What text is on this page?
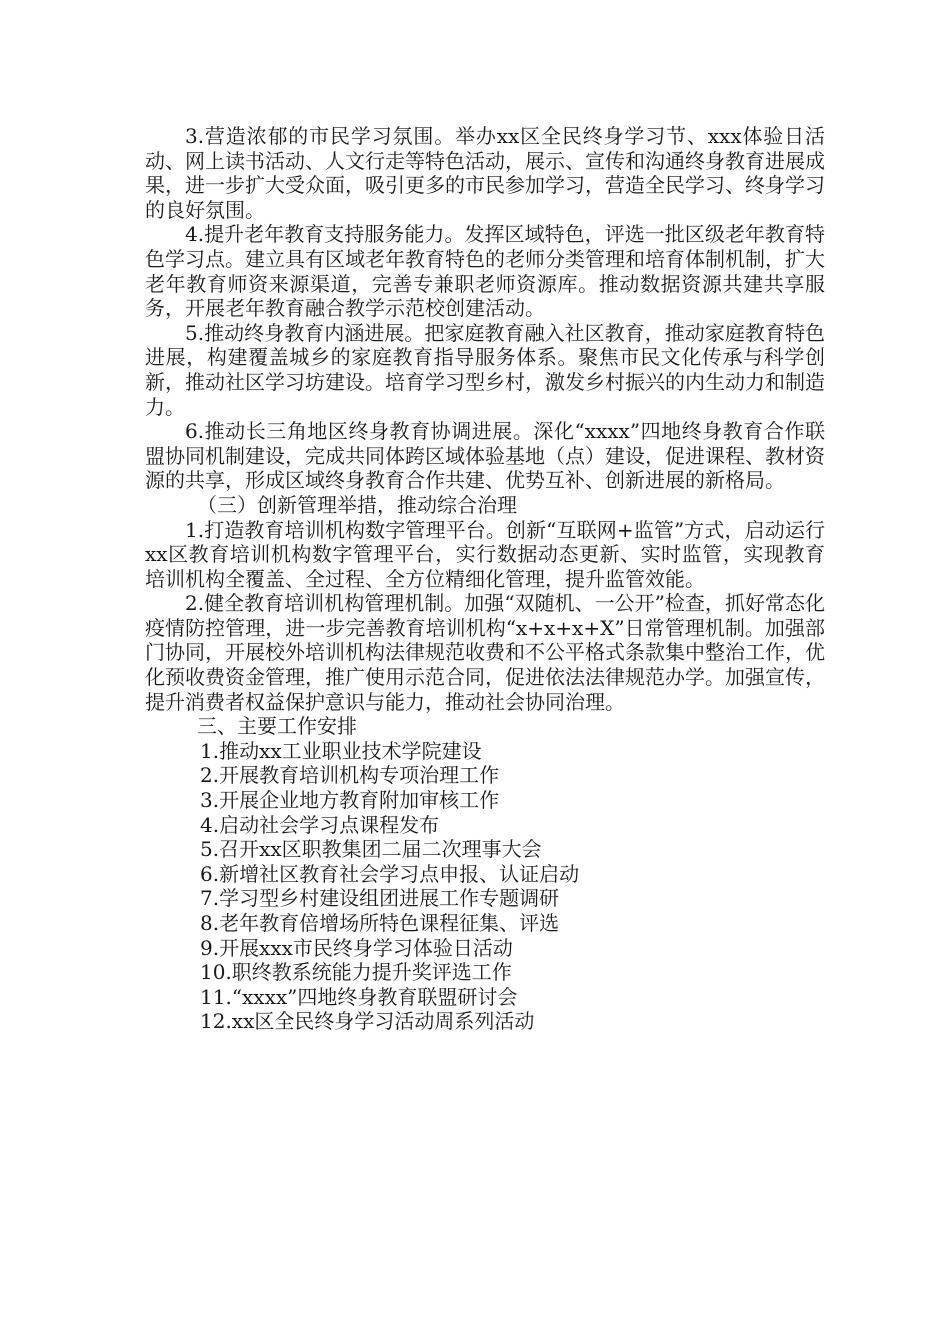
3.营造浓郁的市民学习氛围。举办xx区全民终身学习节、xxx体验日活动、网上读书活动、人文行走等特色活动，展示、宣传和沟通终身教育进展成果，进一步扩大受众面，吸引更多的市民参加学习，营造全民学习、终身学习的良好氛围。

4.提升老年教育支持服务能力。发挥区域特色，评选一批区级老年教育特色学习点。建立具有区域老年教育特色的老师分类管理和培育体制机制，扩大老年教育师资来源渠道，完善专兼职老师资源库。推动数据资源共建共享服务，开展老年教育融合教学示范校创建活动。

5.推动终身教育内涵进展。把家庭教育融入社区教育，推动家庭教育特色进展，构建覆盖城乡的家庭教育指导服务体系。聚焦市民文化传承与科学创新，推动社区学习坊建设。培育学习型乡村，激发乡村振兴的内生动力和制造力。

6.推动长三角地区终身教育协调进展。深化“xxxx”四地终身教育合作联盟协同机制建设，完成共同体跨区域体验基地（点）建设，促进课程、教材资源的共享，形成区域终身教育合作共建、优势互补、创新进展的新格局。

（三）创新管理举措，推动综合治理

1.打造教育培训机构数字管理平台。创新“互联网+监管”方式，启动运行xx区教育培训机构数字管理平台，实行数据动态更新、实时监管，实现教育培训机构全覆盖、全过程、全方位精细化管理，提升监管效能。

2.健全教育培训机构管理机制。加强“双随机、一公开”检查，抓好常态化疫情防控管理，进一步完善教育培训机构“x+x+x+X”日常管理机制。加强部门协同，开展校外培训机构法律规范收费和不公平格式条款集中整治工作，优化预收费资金管理，推广使用示范合同，促进依法法律规范办学。加强宣传，提升消费者权益保护意识与能力，推动社会协同治理。

三、主要工作安排

1.推动xx工业职业技术学院建设

2.开展教育培训机构专项治理工作

3.开展企业地方教育附加审核工作

4.启动社会学习点课程发布

5.召开xx区职教集团二届二次理事大会

6.新增社区教育社会学习点申报、认证启动

7.学习型乡村建设组团进展工作专题调研

8.老年教育倍增场所特色课程征集、评选

9.开展xxx市民终身学习体验日活动

10.职终教系统能力提升奖评选工作

11.“xxxx”四地终身教育联盟研讨会

12.xx区全民终身学习活动周系列活动
